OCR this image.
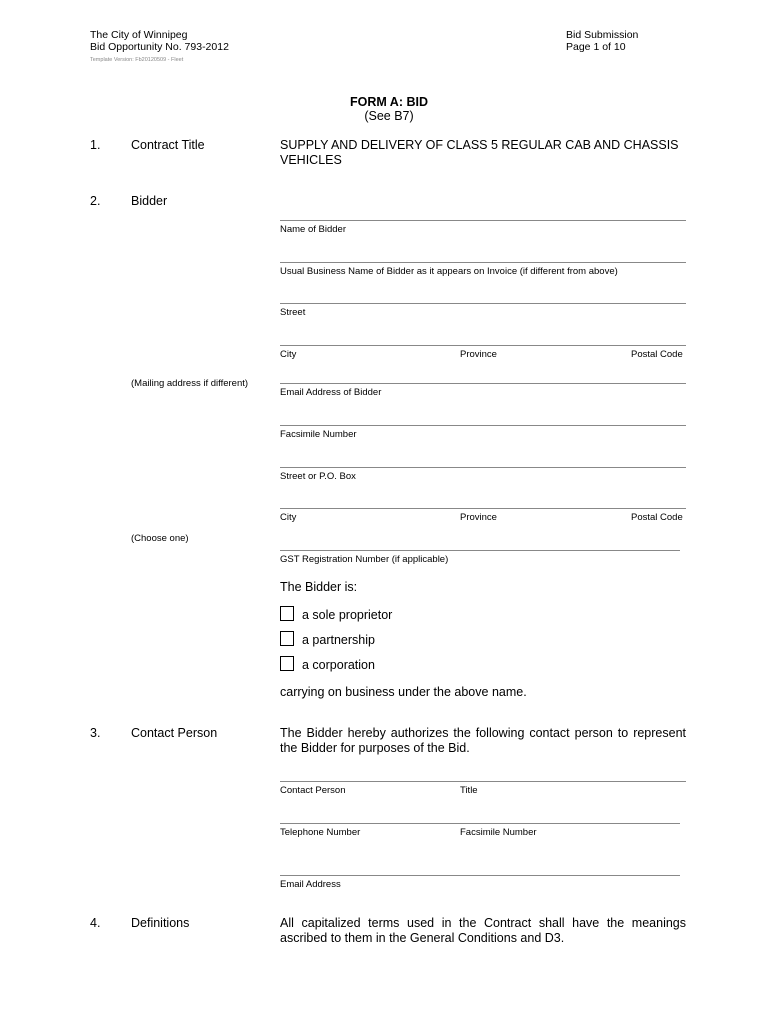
The City of Winnipeg
Bid Opportunity No. 793-2012
Template Version: Fb20120509 - Fleet
Bid Submission
Page 1 of 10
FORM A: BID
(See B7)
1. Contract Title	SUPPLY AND DELIVERY OF CLASS 5 REGULAR CAB AND CHASSIS VEHICLES
2. Bidder
Name of Bidder
Usual Business Name of Bidder as it appears on Invoice (if different from above)
Street
City	Province	Postal Code
(Mailing address if different)
Email Address of Bidder
Facsimile Number
Street or P.O. Box
City	Province	Postal Code
(Choose one)
GST Registration Number (if applicable)
The Bidder is:
a sole proprietor
a partnership
a corporation
carrying on business under the above name.
3. Contact Person	The Bidder hereby authorizes the following contact person to represent the Bidder for purposes of the Bid.
Contact Person	Title
Telephone Number	Facsimile Number
Email Address
4. Definitions	All capitalized terms used in the Contract shall have the meanings ascribed to them in the General Conditions and D3.
